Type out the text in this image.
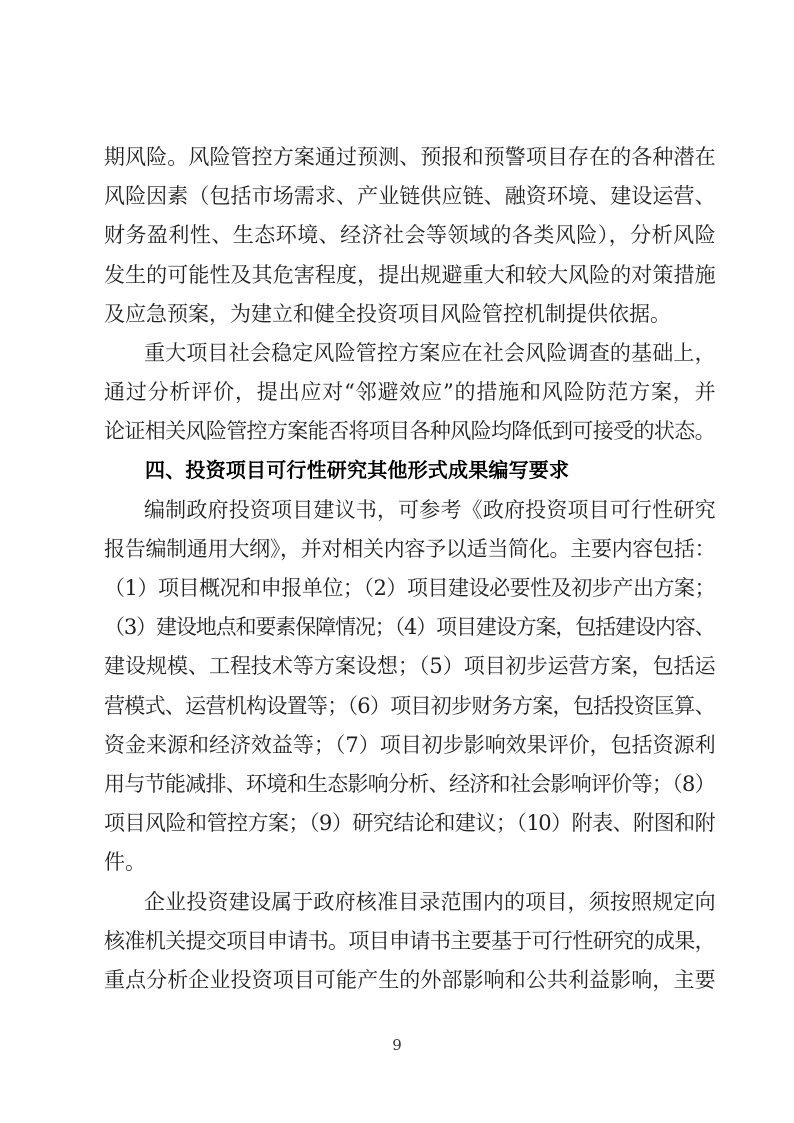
期风险。风险管控方案通过预测、预报和预警项目存在的各种潜在
风险因素（包括市场需求、产业链供应链、融资环境、建设运营、
财务盈利性、生态环境、经济社会等领域的各类风险），分析风险
发生的可能性及其危害程度，提出规避重大和较大风险的对策措施
及应急预案，为建立和健全投资项目风险管控机制提供依据。
重大项目社会稳定风险管控方案应在社会风险调查的基础上，
通过分析评价，提出应对“邻避效应”的措施和风险防范方案，并
论证相关风险管控方案能否将项目各种风险均降低到可接受的状态。
四、投资项目可行性研究其他形式成果编写要求
编制政府投资项目建议书，可参考《政府投资项目可行性研究
报告编制通用大纲》，并对相关内容予以适当简化。主要内容包括：
（1）项目概况和申报单位；（2）项目建设必要性及初步产出方案；
（3）建设地点和要素保障情况；（4）项目建设方案，包括建设内容、
建设规模、工程技术等方案设想；（5）项目初步运营方案，包括运
营模式、运营机构设置等；（6）项目初步财务方案，包括投资匡算、
资金来源和经济效益等；（7）项目初步影响效果评价，包括资源利
用与节能减排、环境和生态影响分析、经济和社会影响评价等；（8）
项目风险和管控方案；（9）研究结论和建议；（10）附表、附图和附
件。
企业投资建设属于政府核准目录范围内的项目，须按照规定向
核准机关提交项目申请书。项目申请书主要基于可行性研究的成果，
重点分析企业投资项目可能产生的外部影响和公共利益影响，主要
9
